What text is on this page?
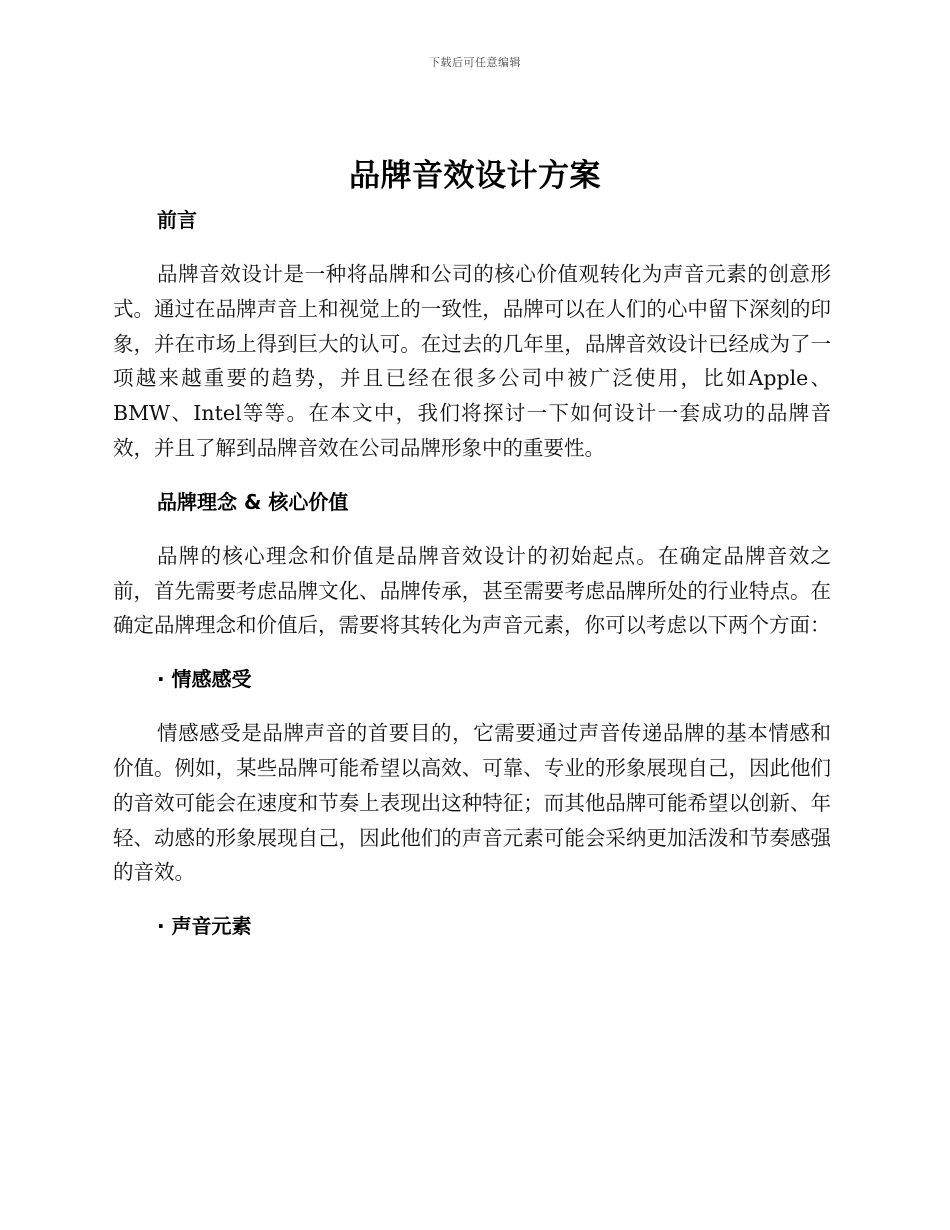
下载后可任意编辑
品牌音效设计方案
前言

品牌音效设计是一种将品牌和公司的核心价值观转化为声音元素的创意形式。通过在品牌声音上和视觉上的一致性，品牌可以在人们的心中留下深刻的印象，并在市场上得到巨大的认可。在过去的几年里，品牌音效设计已经成为了一项越来越重要的趋势，并且已经在很多公司中被广泛使用，比如Apple、BMW、Intel等等。在本文中，我们将探讨一下如何设计一套成功的品牌音效，并且了解到品牌音效在公司品牌形象中的重要性。

品牌理念 & 核心价值

品牌的核心理念和价值是品牌音效设计的初始起点。在确定品牌音效之前，首先需要考虑品牌文化、品牌传承，甚至需要考虑品牌所处的行业特点。在确定品牌理念和价值后，需要将其转化为声音元素，你可以考虑以下两个方面：

· 情感感受

情感感受是品牌声音的首要目的，它需要通过声音传递品牌的基本情感和价值。例如，某些品牌可能希望以高效、可靠、专业的形象展现自己，因此他们的音效可能会在速度和节奏上表现出这种特征；而其他品牌可能希望以创新、年轻、动感的形象展现自己，因此他们的声音元素可能会采纳更加活泼和节奏感强的音效。

· 声音元素
